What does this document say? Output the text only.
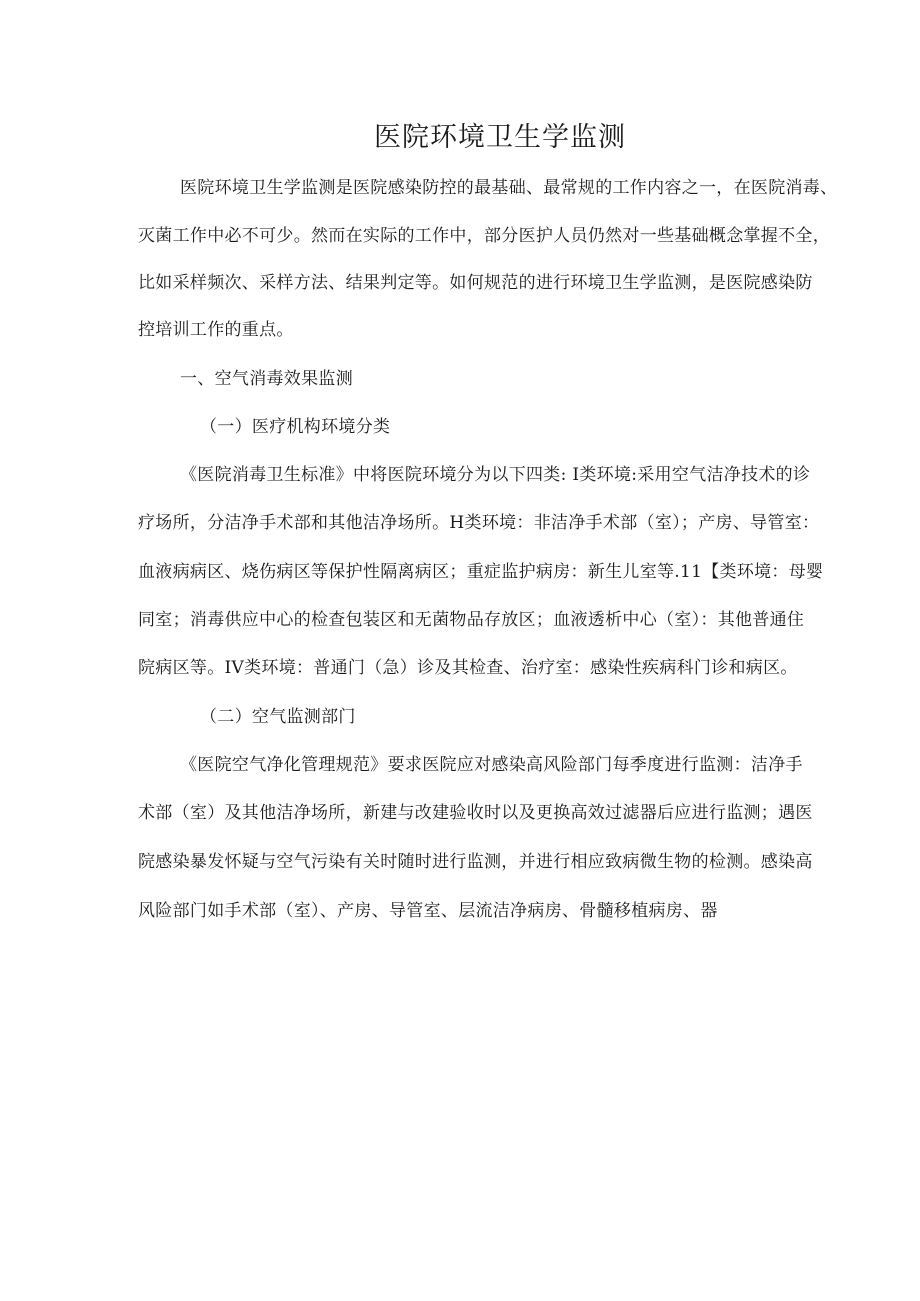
医院环境卫生学监测
医院环境卫生学监测是医院感染防控的最基础、最常规的工作内容之一，在医院消毒、
灭菌工作中必不可少。然而在实际的工作中，部分医护人员仍然对一些基础概念掌握不全，
比如采样频次、采样方法、结果判定等。如何规范的进行环境卫生学监测，是医院感染防
控培训工作的重点。
一、空气消毒效果监测
（一）医疗机构环境分类
《医院消毒卫生标准》中将医院环境分为以下四类: I类环境:采用空气洁净技术的诊
疗场所，分洁净手术部和其他洁净场所。H类环境：非洁净手术部（室）；产房、导管室：
血液病病区、烧伤病区等保护性隔离病区；重症监护病房：新生儿室等.11【类环境：母婴
同室；消毒供应中心的检查包装区和无菌物品存放区；血液透析中心（室）：其他普通住
院病区等。IV类环境：普通门（急）诊及其检查、治疗室：感染性疾病科门诊和病区。
（二）空气监测部门
《医院空气净化管理规范》要求医院应对感染高风险部门每季度进行监测：洁净手
术部（室）及其他洁净场所，新建与改建验收时以及更换高效过滤器后应进行监测；遇医
院感染暴发怀疑与空气污染有关时随时进行监测，并进行相应致病微生物的检测。感染高
风险部门如手术部（室）、产房、导管室、层流洁净病房、骨髓移植病房、器
